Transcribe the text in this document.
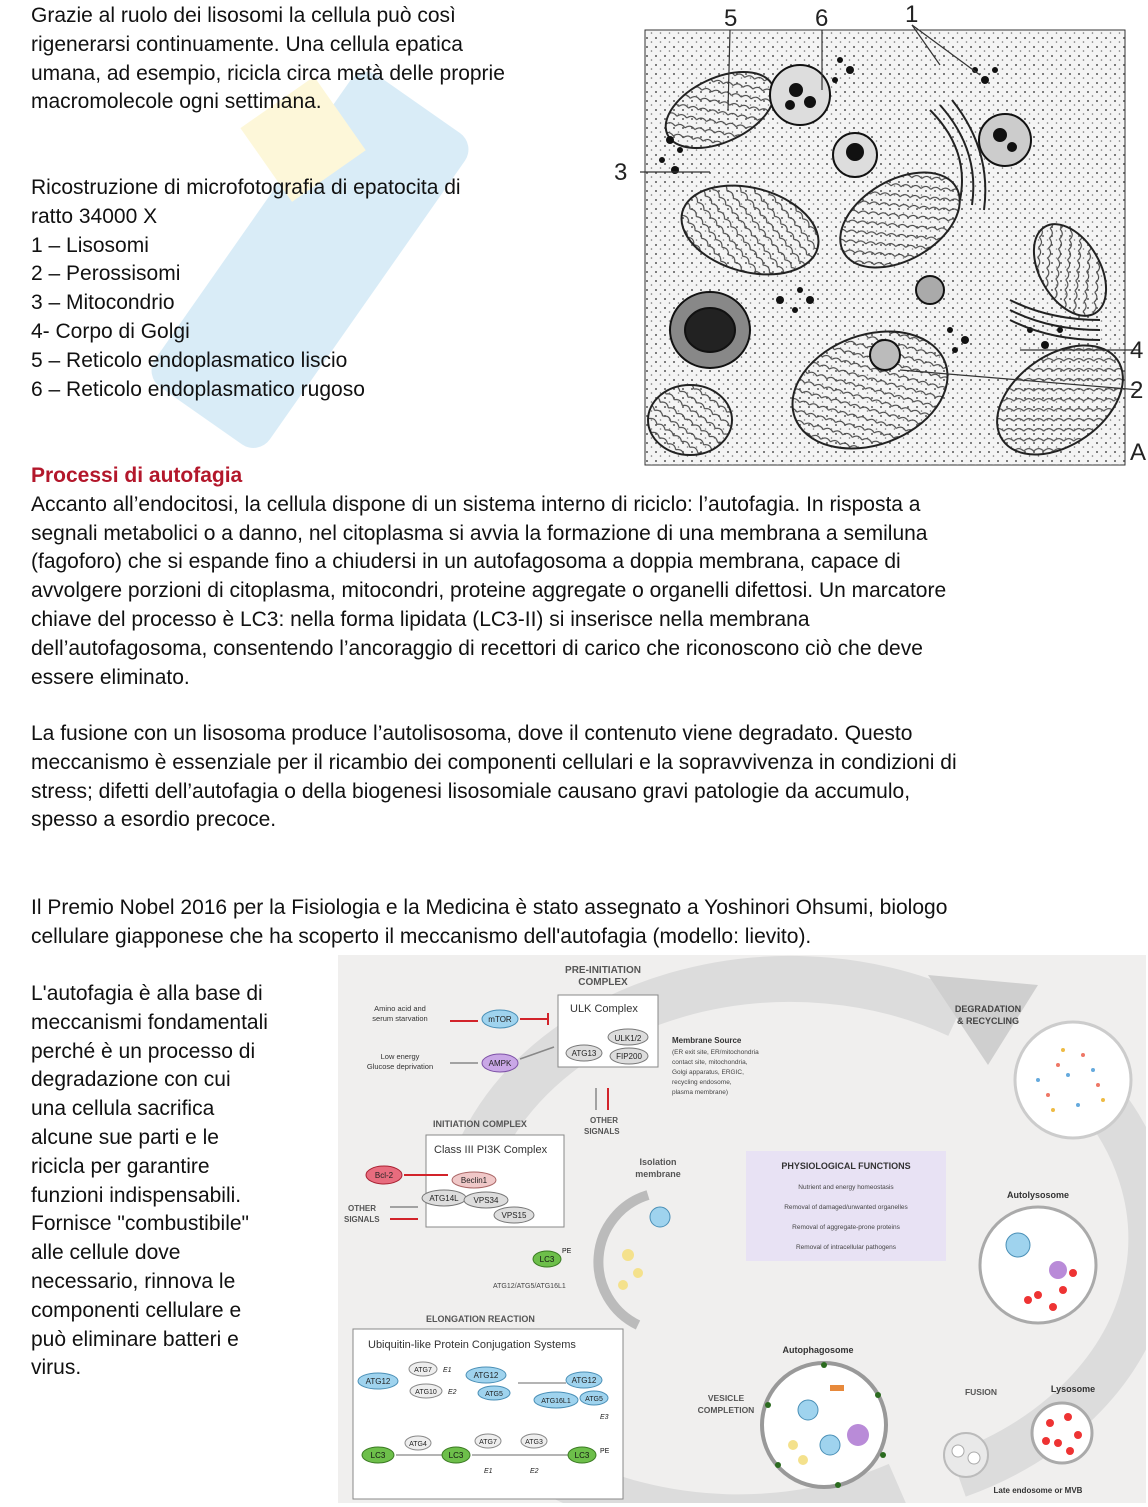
Grazie al ruolo dei lisosomi la cellula può così
rigenerarsi continuamente. Una cellula epatica
umana, ad esempio, ricicla circa metà delle proprie
macromolecole ogni settimana.
Ricostruzione di microfotografia di epatocita di
ratto 34000 X
1 – Lisosomi
2 – Perossisomi
3 – Mitocondrio
4- Corpo di Golgi
5 – Reticolo endoplasmatico liscio
6 – Reticolo endoplasmatico rugoso
5	6	1
3
4
2
A
Processi di autofagia
Accanto all’endocitosi, la cellula dispone di un sistema interno di riciclo: l’autofagia. In risposta a
segnali metabolici o a danno, nel citoplasma si avvia la formazione di una membrana a semiluna
(fagoforo) che si espande fino a chiudersi in un autofagosoma a doppia membrana, capace di
avvolgere porzioni di citoplasma, mitocondri, proteine aggregate o organelli difettosi. Un marcatore
chiave del processo è LC3: nella forma lipidata (LC3-II) si inserisce nella membrana
dell’autofagosoma, consentendo l’ancoraggio di recettori di carico che riconoscono ciò che deve
essere eliminato.
La fusione con un lisosoma produce l’autolisosoma, dove il contenuto viene degradato. Questo
meccanismo è essenziale per il ricambio dei componenti cellulari e la sopravvivenza in condizioni di
stress; difetti dell’autofagia o della biogenesi lisosomiale causano gravi patologie da accumulo,
spesso a esordio precoce.
Il Premio Nobel 2016 per la Fisiologia e la Medicina è stato assegnato a Yoshinori Ohsumi, biologo
cellulare giapponese che ha scoperto il meccanismo dell'autofagia (modello: lievito).
L'autofagia è alla base di
meccanismi fondamentali
perché è un processo di
degradazione con cui
una cellula sacrifica
alcune sue parti e le
ricicla per garantire
funzioni indispensabili.
Fornisce "combustibile"
alle cellule dove
necessario, rinnova le
componenti cellulare e
può eliminare batteri e
virus.
PRE-INITIATION
COMPLEX
ULK Complex
ULK1/2
ATG13 FIP200
Amino acid and
serum starvation	mTOR
Low energy
Glucose deprivation	AMPK
Membrane Source
(ER exit site, ER/mitochondria
contact site, mitochondria,
Golgi apparatus, ERGIC,
recycling endosome,
plasma membrane)
OTHER
SIGNALS
INITIATION COMPLEX
Class III PI3K Complex
Beclin1
ATG14L VPS34
VPS15
Bcl-2
OTHER
SIGNALS
Isolation
membrane
LC3
PE
ATG12/ATG5/ATG16L1
ELONGATION REACTION
Ubiquitin-like Protein Conjugation Systems
ATG12
ATG7 E1
ATG10 E2
ATG12
ATG5
ATG12
ATG16L1 ATG5
E3
LC3
ATG4
LC3
ATG7
E1
ATG3
E2
LC3 PE
PHYSIOLOGICAL FUNCTIONS
Nutrient and energy homeostasis
Removal of damaged/unwanted organelles
Removal of aggregate-prone proteins
Removal of intracellular pathogens
DEGRADATION
& RECYCLING
Autolysosome
Autophagosome
VESICLE
COMPLETION
FUSION	Lysosome
Late endosome or MVB
